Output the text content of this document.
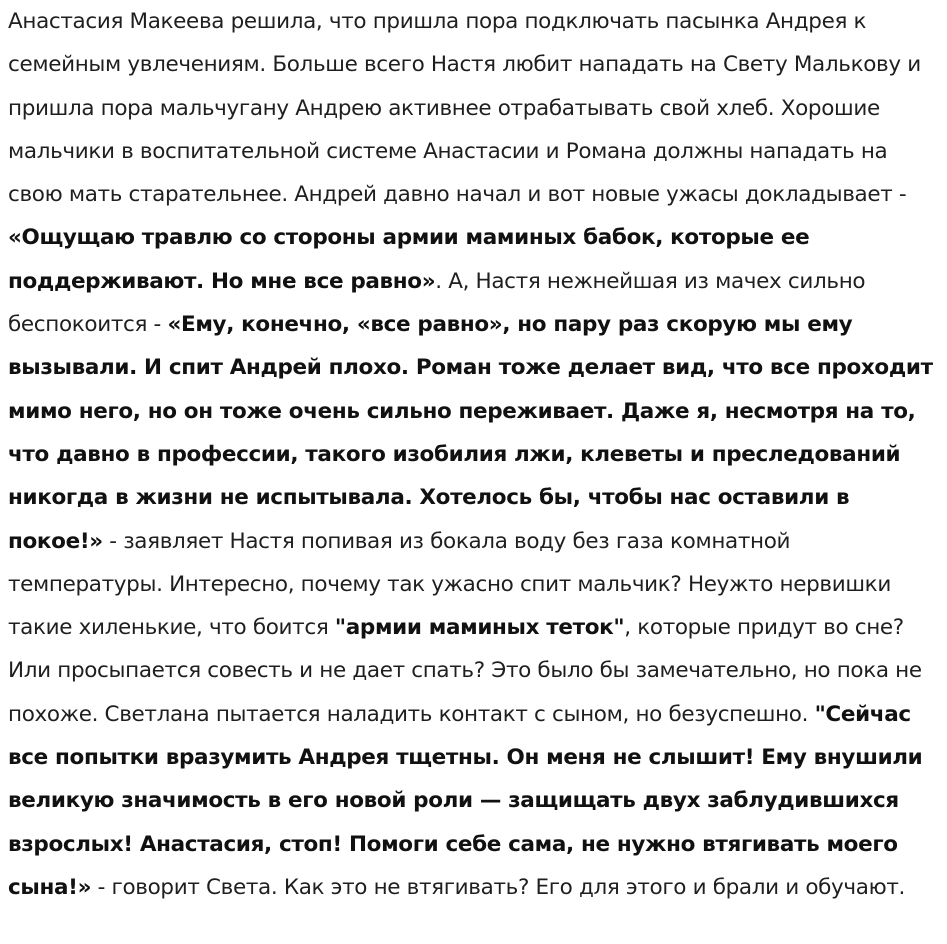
Анастасия Макеева решила, что пришла пора подключать пасынка Андрея к семейным увлечениям. Больше всего Настя любит нападать на Свету Малькову и пришла пора мальчугану Андрею активнее отрабатывать свой хлеб. Хорошие мальчики в воспитательной системе Анастасии и Романа должны нападать на свою мать старательнее. Андрей давно начал и вот новые ужасы докладывает - «Ощущаю травлю со стороны армии маминых бабок, которые ее поддерживают. Но мне все равно». А, Настя нежнейшая из мачех сильно беспокоится - «Ему, конечно, «все равно», но пару раз скорую мы ему вызывали. И спит Андрей плохо. Роман тоже делает вид, что все проходит мимо него, но он тоже очень сильно переживает. Даже я, несмотря на то, что давно в профессии, такого изобилия лжи, клеветы и преследований никогда в жизни не испытывала. Хотелось бы, чтобы нас оставили в покое!» - заявляет Настя попивая из бокала воду без газа комнатной температуры. Интересно, почему так ужасно спит мальчик? Неужто нервишки такие хиленькие, что боится "армии маминых теток", которые придут во сне? Или просыпается совесть и не дает спать? Это было бы замечательно, но пока не похоже. Светлана пытается наладить контакт с сыном, но безуспешно. "Сейчас все попытки вразумить Андрея тщетны. Он меня не слышит! Ему внушили великую значимость в его новой роли — защищать двух заблудившихся взрослых! Анастасия, стоп! Помоги себе сама, не нужно втягивать моего сына!» - говорит Света. Как это не втягивать? Его для этого и брали и обучают.
